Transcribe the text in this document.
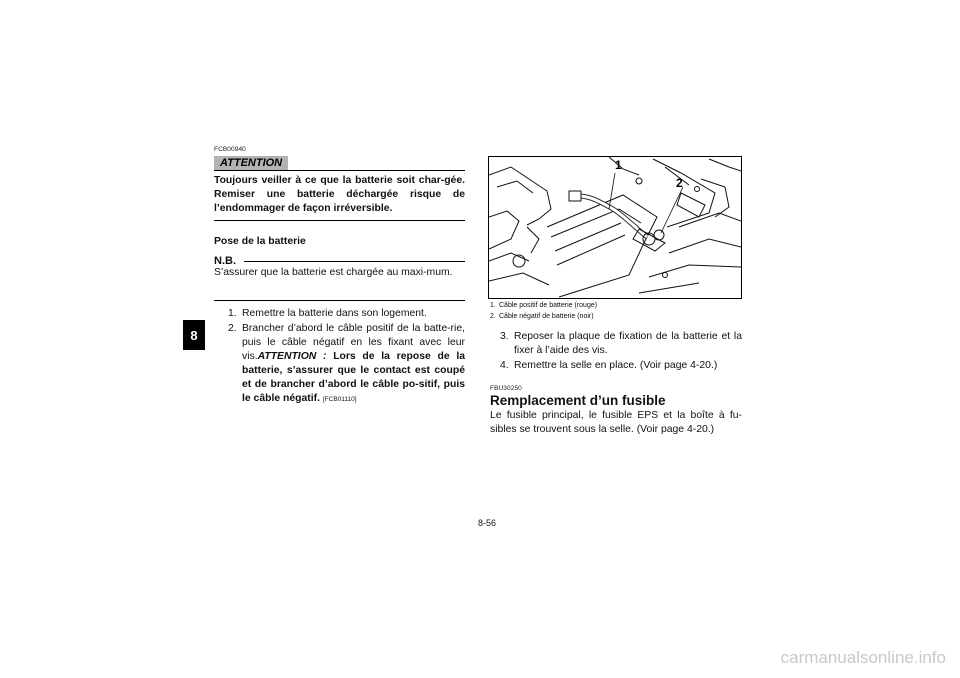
8
FCB00940
ATTENTION
Toujours veiller à ce que la batterie soit char-gée. Remiser une batterie déchargée risque de l’endommager de façon irréversible.
Pose de la batterie
N.B.
S’assurer que la batterie est chargée au maxi-mum.
1. Remettre la batterie dans son logement.
2. Brancher d’abord le câble positif de la batte-rie, puis le câble négatif en les fixant avec leur vis.ATTENTION : Lors de la repose de la batterie, s’assurer que le contact est coupé et de brancher d’abord le câble po-sitif, puis le câble négatif. [FCB01110]
1
2
1. Câble positif de batterie (rouge)
2. Câble négatif de batterie (noir)
3. Reposer la plaque de fixation de la batterie et la fixer à l’aide des vis.
4. Remettre la selle en place. (Voir page 4-20.)
FBU30250
Remplacement d’un fusible
Le fusible principal, le fusible EPS et la boîte à fu-sibles se trouvent sous la selle. (Voir page 4-20.)
8-56
carmanualsonline.info
